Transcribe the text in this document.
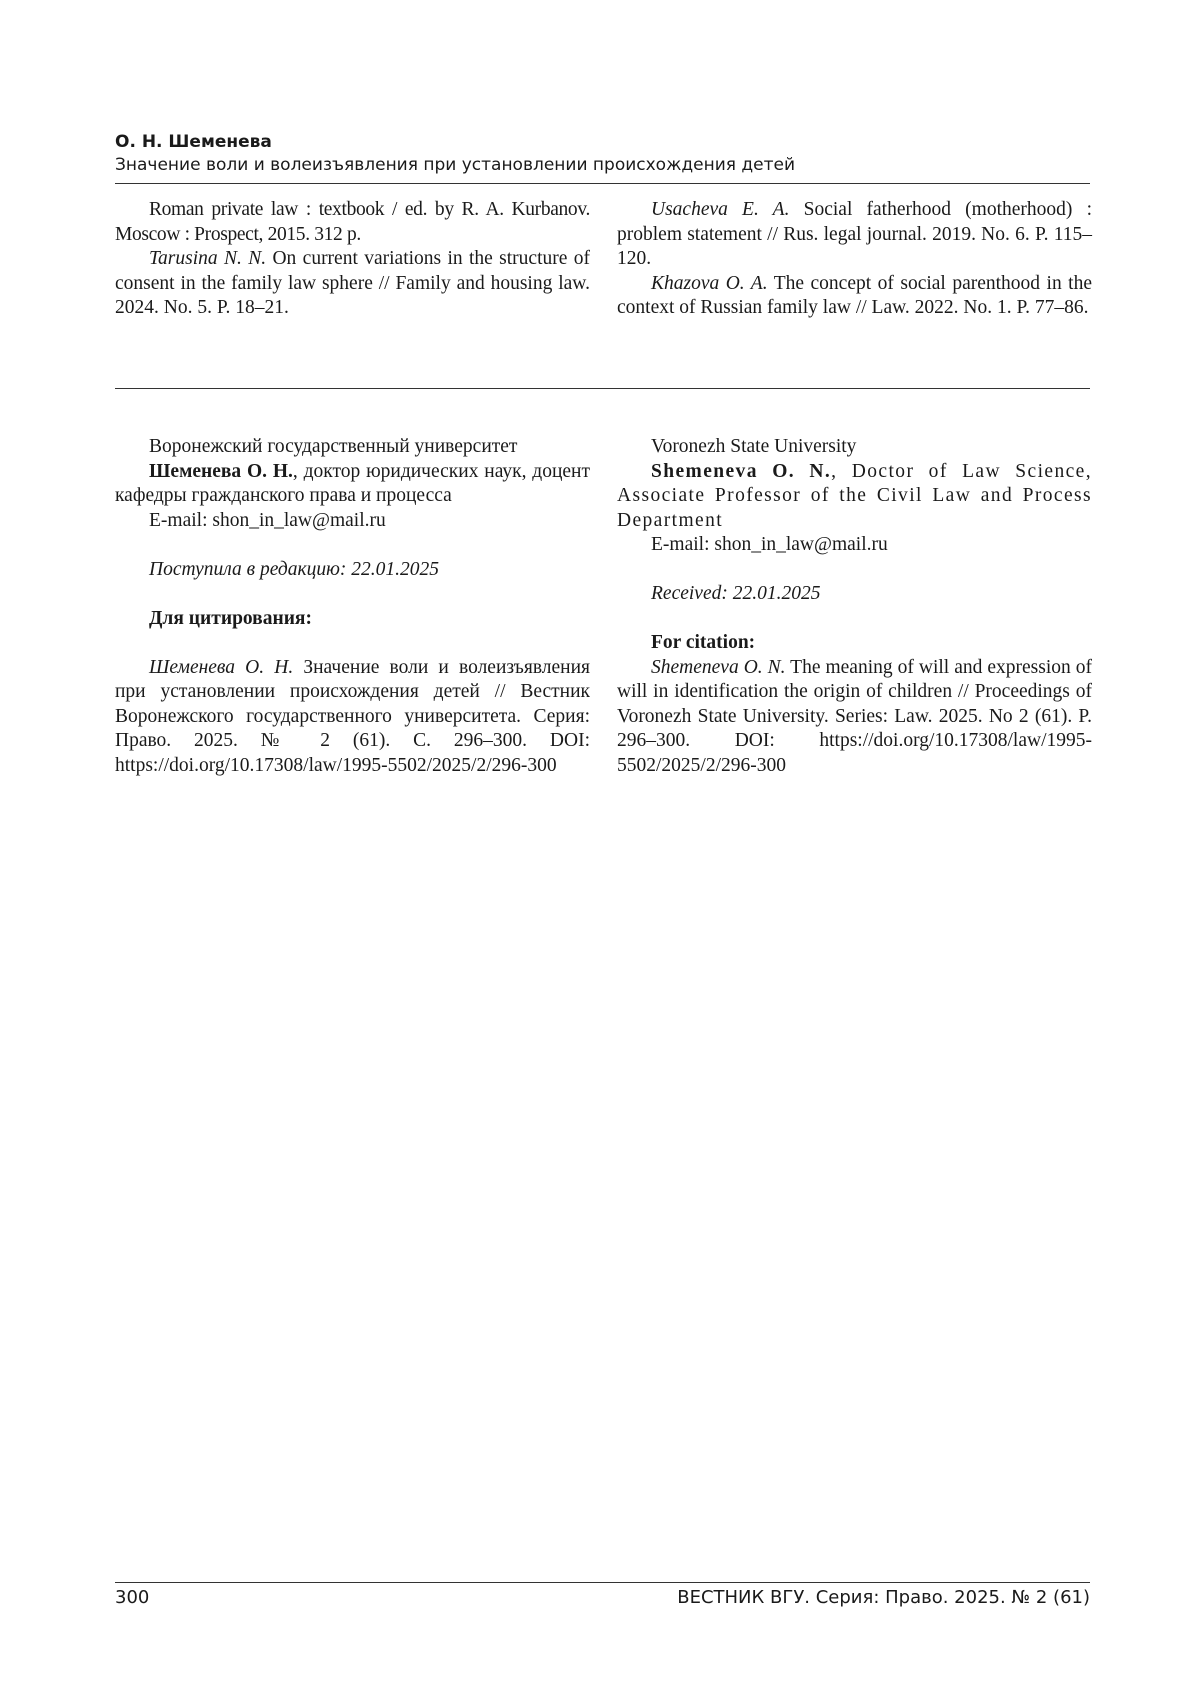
О. Н. Шеменева
Значение воли и волеизъявления при установлении происхождения детей

Roman private law : textbook / ed. by R. A. Kurbanov. Moscow : Prospect, 2015. 312 p.

Tarusina N. N. On current variations in the structure of consent in the family law sphere // Family and housing law. 2024. No. 5. P. 18–21.

Usacheva E. A. Social fatherhood (motherhood) : problem statement // Rus. legal journal. 2019. No. 6. P. 115–120.

Khazova O. A. The concept of social parenthood in the context of Russian family law // Law. 2022. No. 1. P. 77–86.

Воронежский государственный университет

Шеменева О. Н., доктор юридических наук, доцент кафедры гражданского права и процесса

E-mail: shon_in_law@mail.ru

Поступила в редакцию: 22.01.2025

Для цитирования:

Шеменева О. Н. Значение воли и волеизъявления при установлении происхождения детей // Вестник Воронежского государственного университета. Серия: Право. 2025. № 2 (61). С. 296–300. DOI: https://doi.org/10.17308/law/1995-5502/2025/2/296-300

Voronezh State University

Shemeneva O. N., Doctor of Law Science, Associate Professor of the Civil Law and Process Department

E-mail: shon_in_law@mail.ru

Received: 22.01.2025

For citation:

Shemeneva O. N. The meaning of will and expression of will in identification the origin of children // Proceedings of Voronezh State University. Series: Law. 2025. No 2 (61). P. 296–300. DOI: https://doi.org/10.17308/law/1995-5502/2025/2/296-300

300	ВЕСТНИК ВГУ. Серия: Право. 2025. № 2 (61)
